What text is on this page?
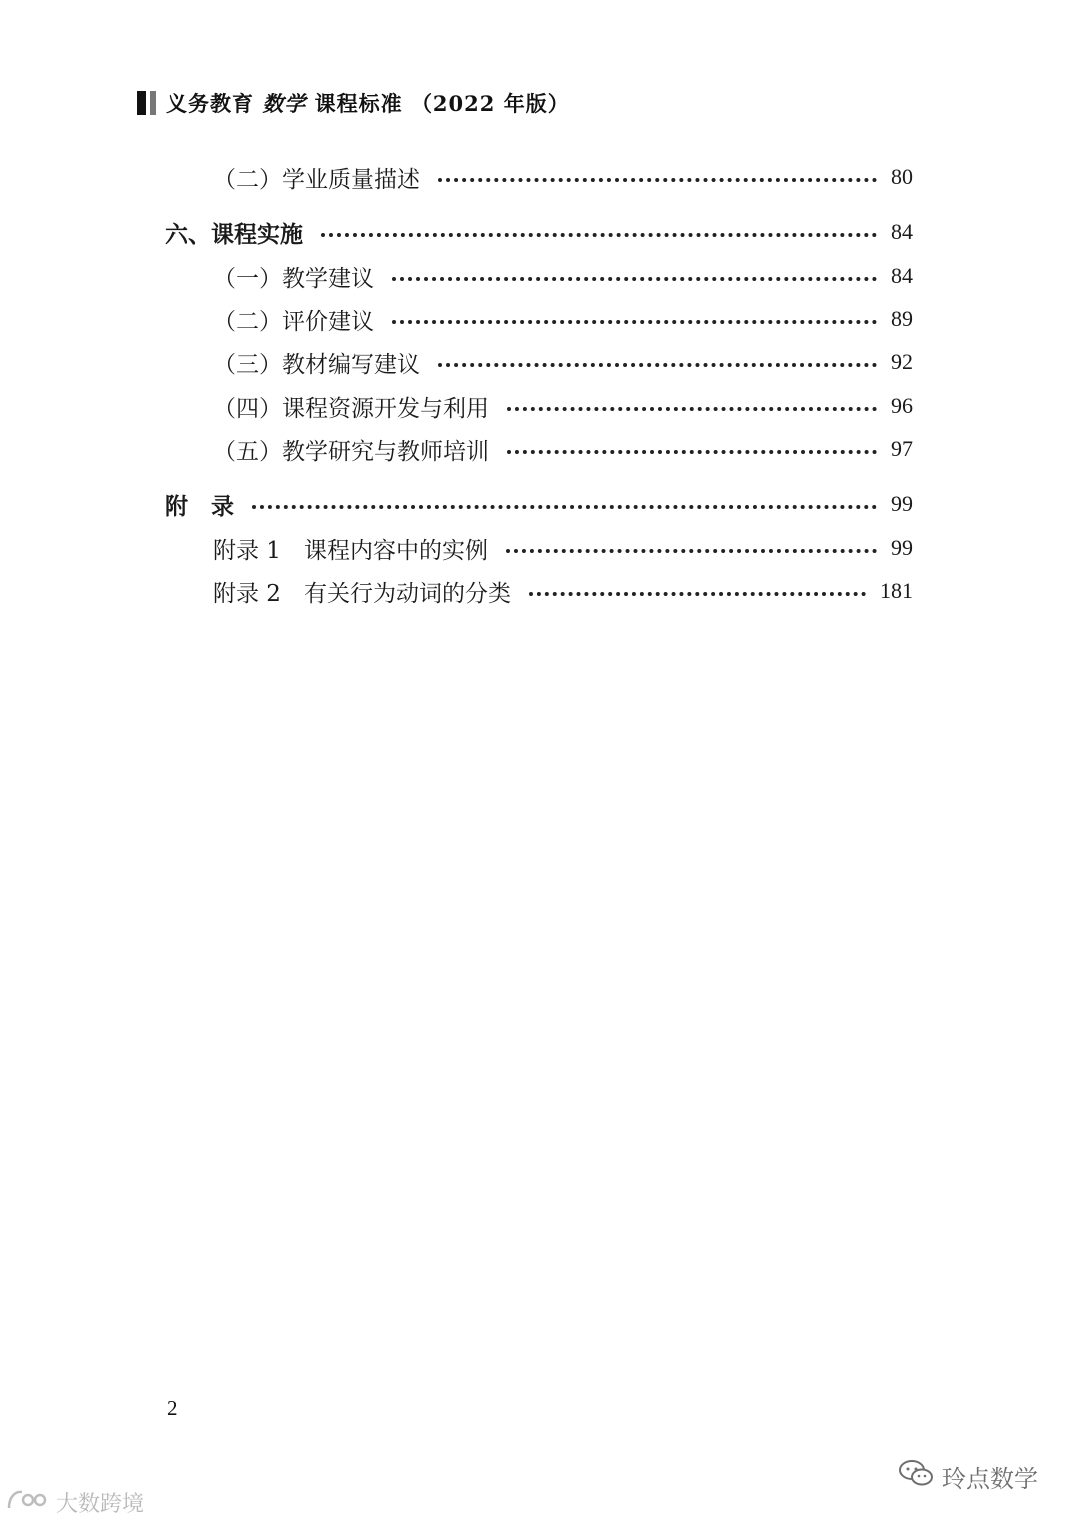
义务教育 数学 课程标准 （2022 年版）
（二）学业质量描述	80
六、课程实施	84
（一）教学建议	84
（二）评价建议	89
（三）教材编写建议	92
（四）课程资源开发与利用	96
（五）教学研究与教师培训	97
附　录	99
附录 1　课程内容中的实例	99
附录 2　有关行为动词的分类	181
2
大数跨境
玲点数学
